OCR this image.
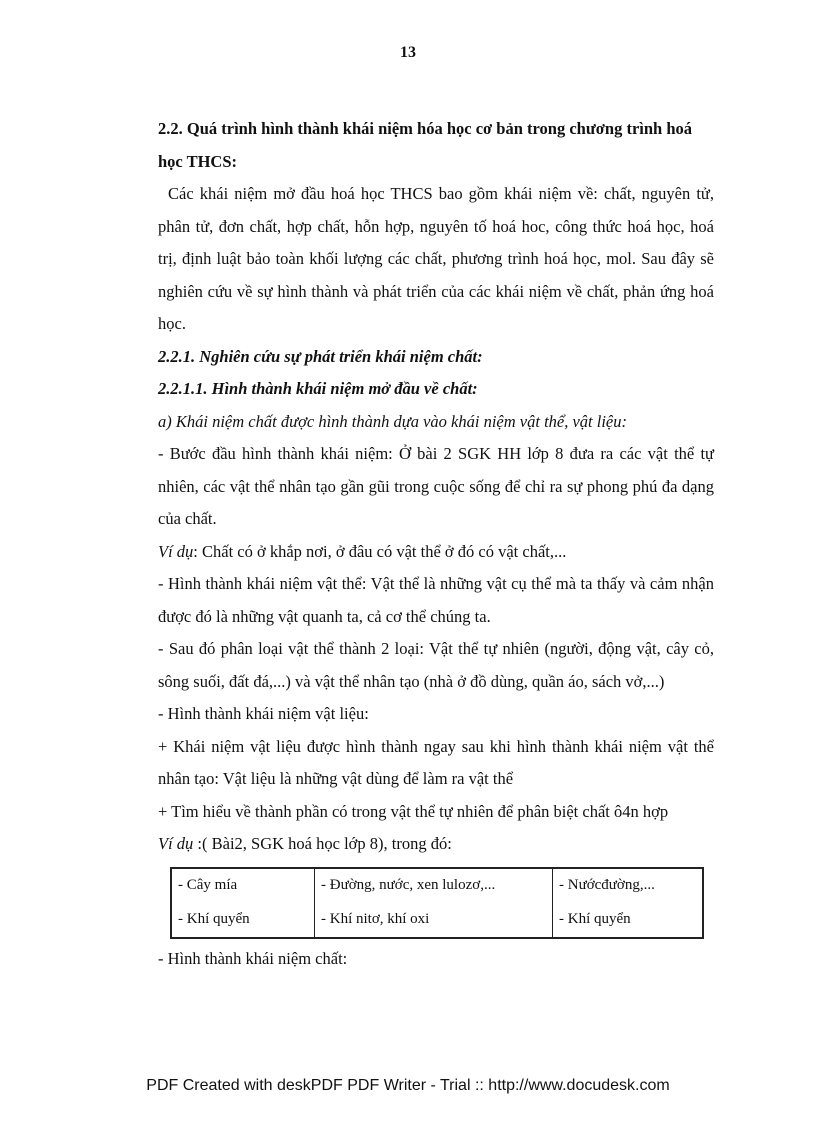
13

2.2. Quá trình hình thành khái niệm hóa học cơ bản trong chương trình hoá học THCS:

Các khái niệm mở đầu hoá học THCS bao gồm khái niệm về: chất, nguyên tử, phân tử, đơn chất, hợp chất, hỗn hợp, nguyên tố hoá hoc, công thức hoá học, hoá trị, định luật bảo toàn khối lượng các chất, phương trình hoá học, mol. Sau đây sẽ nghiên cứu về sự hình thành và phát triển của các khái niệm về chất, phản ứng hoá học.

2.2.1. Nghiên cứu sự phát triển khái niệm chất:

2.2.1.1. Hình thành khái niệm mở đầu về chất:

a) Khái niệm chất được hình thành dựa vào khái niệm vật thể, vật liệu:

- Bước đầu hình thành khái niệm: Ở bài 2 SGK HH lớp 8 đưa ra các vật thể tự nhiên, các vật thể nhân tạo gần gũi trong cuộc sống để chỉ ra sự phong phú đa dạng của chất.

Ví dụ: Chất có ở khắp nơi, ở đâu có vật thể ở đó có vật chất,...

- Hình thành khái niệm vật thể: Vật thể là những vật cụ thể mà ta thấy và cảm nhận được đó là những vật quanh ta, cả cơ thể chúng ta.

- Sau đó phân loại vật thể thành 2 loại: Vật thể tự nhiên (người, động vật, cây cỏ, sông suối, đất đá,...) và vật thể nhân tạo (nhà ở đồ dùng, quần áo, sách vở,...)

- Hình thành khái niệm vật liệu:

+ Khái niệm vật liệu được hình thành ngay sau khi hình thành khái niệm vật thể nhân tạo: Vật liệu là những vật dùng để làm ra vật thể

+ Tìm hiểu về thành phần có trong vật thể tự nhiên để phân biệt chất ô4n hợp

Ví dụ :( Bài2, SGK hoá học lớp 8), trong đó:

- Cây mía	- Đường, nước, xen lulozơ,...	- Nướcđường,...
- Khí quyển	- Khí nitơ, khí oxi	- Khí quyển

- Hình thành khái niệm chất:

PDF Created with deskPDF PDF Writer - Trial :: http://www.docudesk.com
